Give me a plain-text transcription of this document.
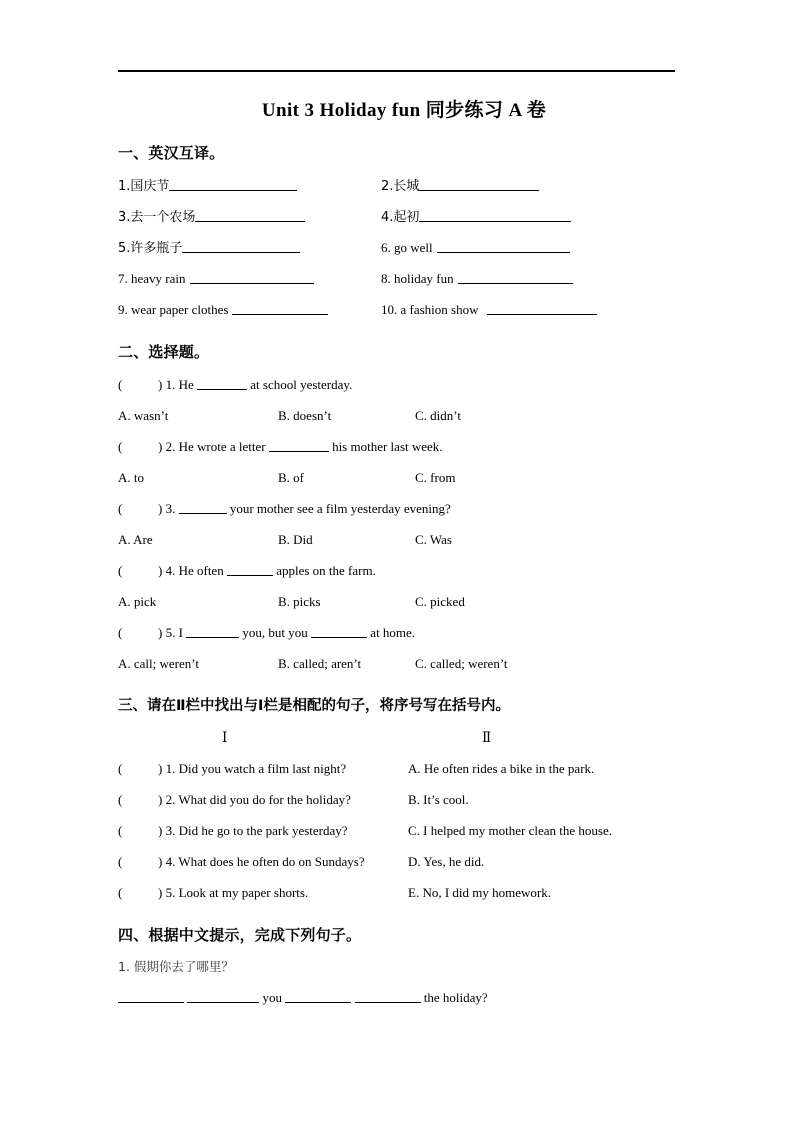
Unit 3 Holiday fun 同步练习 A 卷
一、英汉互译。
1.国庆节	2.长城
3.去一个农场	4.起初
5.许多瓶子	6. go well
7. heavy rain	8. holiday fun
9. wear paper clothes	10. a fashion show
二、选择题。
(	) 1. He	at school yesterday.
A. wasn’t	B. doesn’t	C. didn’t
(	) 2. He wrote a letter	his mother last week.
A. to	B. of	C. from
(	) 3.	your mother see a film yesterday evening?
A. Are	B. Did	C. Was
(	) 4. He often	apples on the farm.
A. pick	B. picks	C. picked
(	) 5. I	you, but you	at home.
A. call; weren’t	B. called; aren’t	C. called; weren’t
三、请在Ⅱ栏中找出与Ⅰ栏是相配的句子，将序号写在括号内。
Ⅰ	Ⅱ
(	) 1. Did you watch a film last night?	A. He often rides a bike in the park.
(	) 2. What did you do for the holiday?	B. It’s cool.
(	) 3. Did he go to the park yesterday?	C. I helped my mother clean the house.
(	) 4. What does he often do on Sundays?	D. Yes, he did.
(	) 5. Look at my paper shorts.	E. No, I did my homework.
四、根据中文提示，完成下列句子。
1. 假期你去了哪里？
you	the holiday?
